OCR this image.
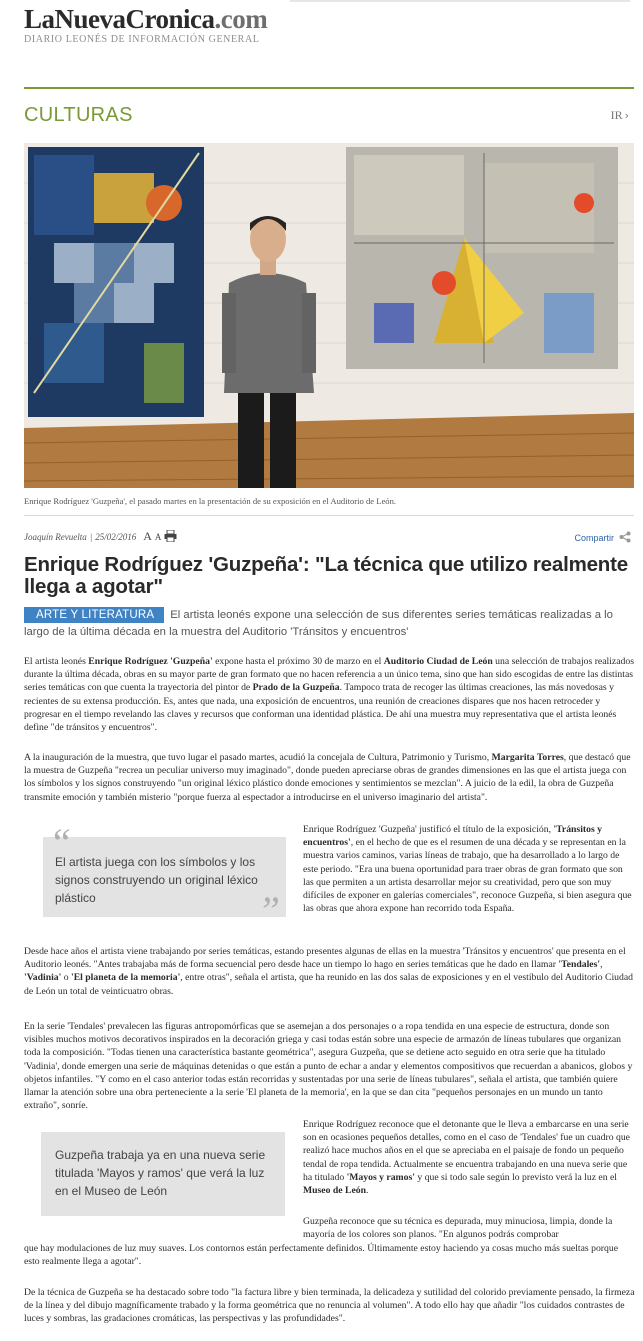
LaNuevaCronica.com
DIARIO LEONÉS DE INFORMACIÓN GENERAL
CULTURAS	IR ›
Enrique Rodríguez 'Guzpeña', el pasado martes en la presentación de su exposición en el Auditorio de León.
Joaquín Revuelta | 25/02/2016 A A	Compartir
Enrique Rodríguez 'Guzpeña': "La técnica que utilizo realmente llega a agotar"
ARTE Y LITERATURA El artista leonés expone una selección de sus diferentes series temáticas realizadas a lo largo de la última década en la muestra del Auditorio 'Tránsitos y encuentros'

El artista leonés Enrique Rodríguez 'Guzpeña' expone hasta el próximo 30 de marzo en el Auditorio Ciudad de León una selección de trabajos realizados durante la última década, obras en su mayor parte de gran formato que no hacen referencia a un único tema, sino que han sido escogidas de entre las distintas series temáticas con que cuenta la trayectoria del pintor de Prado de la Guzpeña. Tampoco trata de recoger las últimas creaciones, las más novedosas y recientes de su extensa producción. Es, antes que nada, una exposición de encuentros, una reunión de creaciones dispares que nos hacen retroceder y progresar en el tiempo revelando las claves y recursos que conforman una identidad plástica. De ahí una muestra muy representativa que el artista leonés define "de tránsitos y encuentros".

A la inauguración de la muestra, que tuvo lugar el pasado martes, acudió la concejala de Cultura, Patrimonio y Turismo, Margarita Torres, que destacó que la muestra de Guzpeña "recrea un peculiar universo muy imaginado", donde pueden apreciarse obras de grandes dimensiones en las que el artista juega con los símbolos y los signos construyendo "un original léxico plástico donde emociones y sentimientos se mezclan". A juicio de la edil, la obra de Guzpeña transmite emoción y también misterio "porque fuerza al espectador a introducirse en el universo imaginario del artista".

“
El artista juega con los símbolos y los signos construyendo un original léxico plástico	”

Enrique Rodríguez 'Guzpeña' justificó el título de la exposición, 'Tránsitos y encuentros', en el hecho de que es el resumen de una década y se representan en la muestra varios caminos, varias líneas de trabajo, que ha desarrollado a lo largo de este periodo. "Era una buena oportunidad para traer obras de gran formato que son las que permiten a un artista desarrollar mejor su creatividad, pero que son muy difíciles de exponer en galerías comerciales", reconoce Guzpeña, si bien asegura que las obras que ahora expone han recorrido toda España.

Desde hace años el artista viene trabajando por series temáticas, estando presentes algunas de ellas en la muestra 'Tránsitos y encuentros' que presenta en el Auditorio leonés. "Antes trabajaba más de forma secuencial pero desde hace un tiempo lo hago en series temáticas que he dado en llamar 'Tendales', 'Vadinia' o 'El planeta de la memoria', entre otras", señala el artista, que ha reunido en las dos salas de exposiciones y en el vestíbulo del Auditorio Ciudad de León un total de veinticuatro obras.

En la serie 'Tendales' prevalecen las figuras antropomórficas que se asemejan a dos personajes o a ropa tendida en una especie de estructura, donde son visibles muchos motivos decorativos inspirados en la decoración griega y casi todas están sobre una especie de armazón de líneas tubulares que organizan toda la composición. "Todas tienen una característica bastante geométrica", asegura Guzpeña, que se detiene acto seguido en otra serie que ha titulado 'Vadinia', donde emergen una serie de máquinas detenidas o que están a punto de echar a andar y elementos compositivos que recuerdan a abanicos, globos y objetos infantiles. "Y como en el caso anterior todas están recorridas y sustentadas por una serie de líneas tubulares", señala el artista, que también quiere llamar la atención sobre una obra perteneciente a la serie 'El planeta de la memoria', en la que se dan cita "pequeños personajes en un mundo un tanto extraño", sonríe.

Guzpeña trabaja ya en una nueva serie titulada 'Mayos y ramos' que verá la luz en el Museo de León

Enrique Rodríguez reconoce que el detonante que le lleva a embarcarse en una serie son en ocasiones pequeños detalles, como en el caso de 'Tendales' fue un cuadro que realizó hace muchos años en el que se apreciaba en el paisaje de fondo un pequeño tendal de ropa tendida. Actualmente se encuentra trabajando en una nueva serie que ha titulado 'Mayos y ramos' y que si todo sale según lo previsto verá la luz en el Museo de León.

Guzpeña reconoce que su técnica es depurada, muy minuciosa, limpia, donde la mayoría de los colores son planos. "En algunos podrás comprobar

que hay modulaciones de luz muy suaves. Los contornos están perfectamente definidos. Últimamente estoy haciendo ya cosas mucho más sueltas porque esto realmente llega a agotar".

De la técnica de Guzpeña se ha destacado sobre todo "la factura libre y bien terminada, la delicadeza y sutilidad del colorido previamente pensado, la firmeza de la línea y del dibujo magníficamente trabado y la forma geométrica que no renuncia al volumen". A todo ello hay que añadir "los cuidados contrastes de luces y sombras, las gradaciones cromáticas, las perspectivas y las profundidades".
